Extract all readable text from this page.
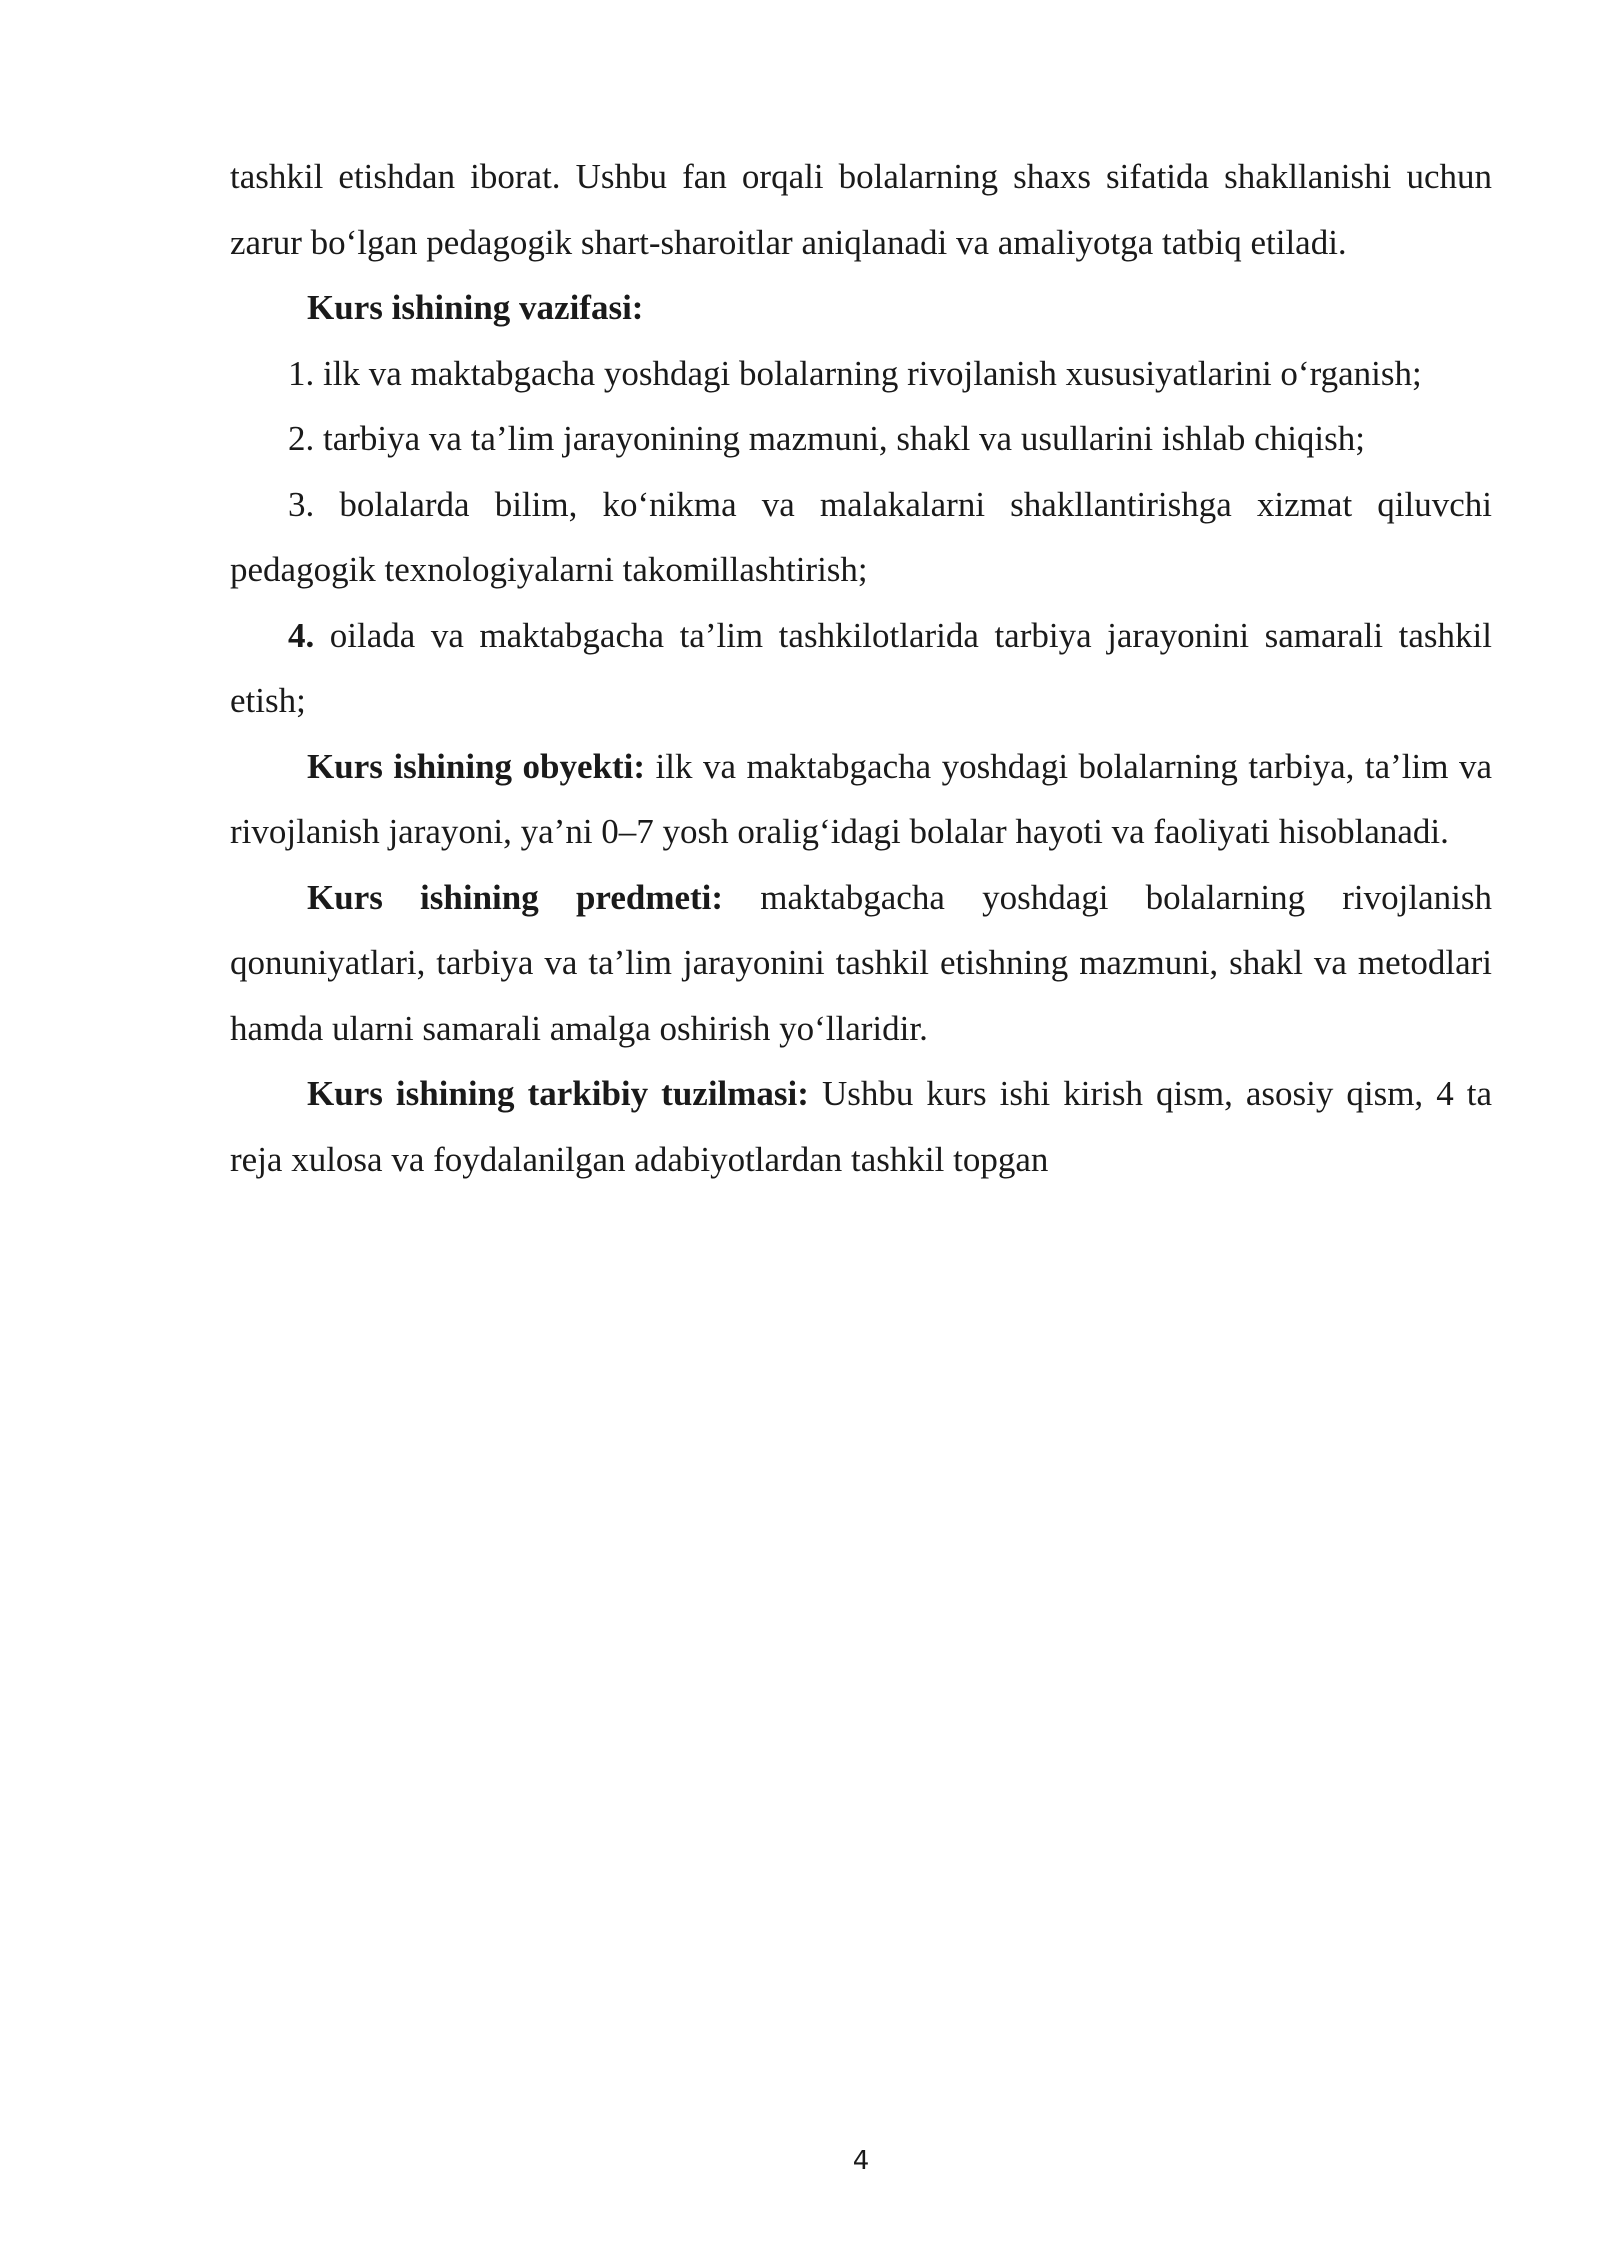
tashkil etishdan iborat. Ushbu fan orqali bolalarning shaxs sifatida shakllanishi uchun zarur bo‘lgan pedagogik shart-sharoitlar aniqlanadi va amaliyotga tatbiq etiladi.

Kurs ishining vazifasi:

1. ilk va maktabgacha yoshdagi bolalarning rivojlanish xususiyatlarini o‘rganish;

2. tarbiya va ta’lim jarayonining mazmuni, shakl va usullarini ishlab chiqish;

3. bolalarda bilim, ko‘nikma va malakalarni shakllantirishga xizmat qiluvchi pedagogik texnologiyalarni takomillashtirish;

4. oilada va maktabgacha ta’lim tashkilotlarida tarbiya jarayonini samarali tashkil etish;

Kurs ishining obyekti: ilk va maktabgacha yoshdagi bolalarning tarbiya, ta’lim va rivojlanish jarayoni, ya’ni 0–7 yosh oralig‘idagi bolalar hayoti va faoliyati hisoblanadi.

Kurs ishining predmeti: maktabgacha yoshdagi bolalarning rivojlanish qonuniyatlari, tarbiya va ta’lim jarayonini tashkil etishning mazmuni, shakl va metodlari hamda ularni samarali amalga oshirish yo‘llaridir.

Kurs ishining tarkibiy tuzilmasi: Ushbu kurs ishi kirish qism, asosiy qism, 4 ta reja xulosa va foydalanilgan adabiyotlardan tashkil topgan

4
